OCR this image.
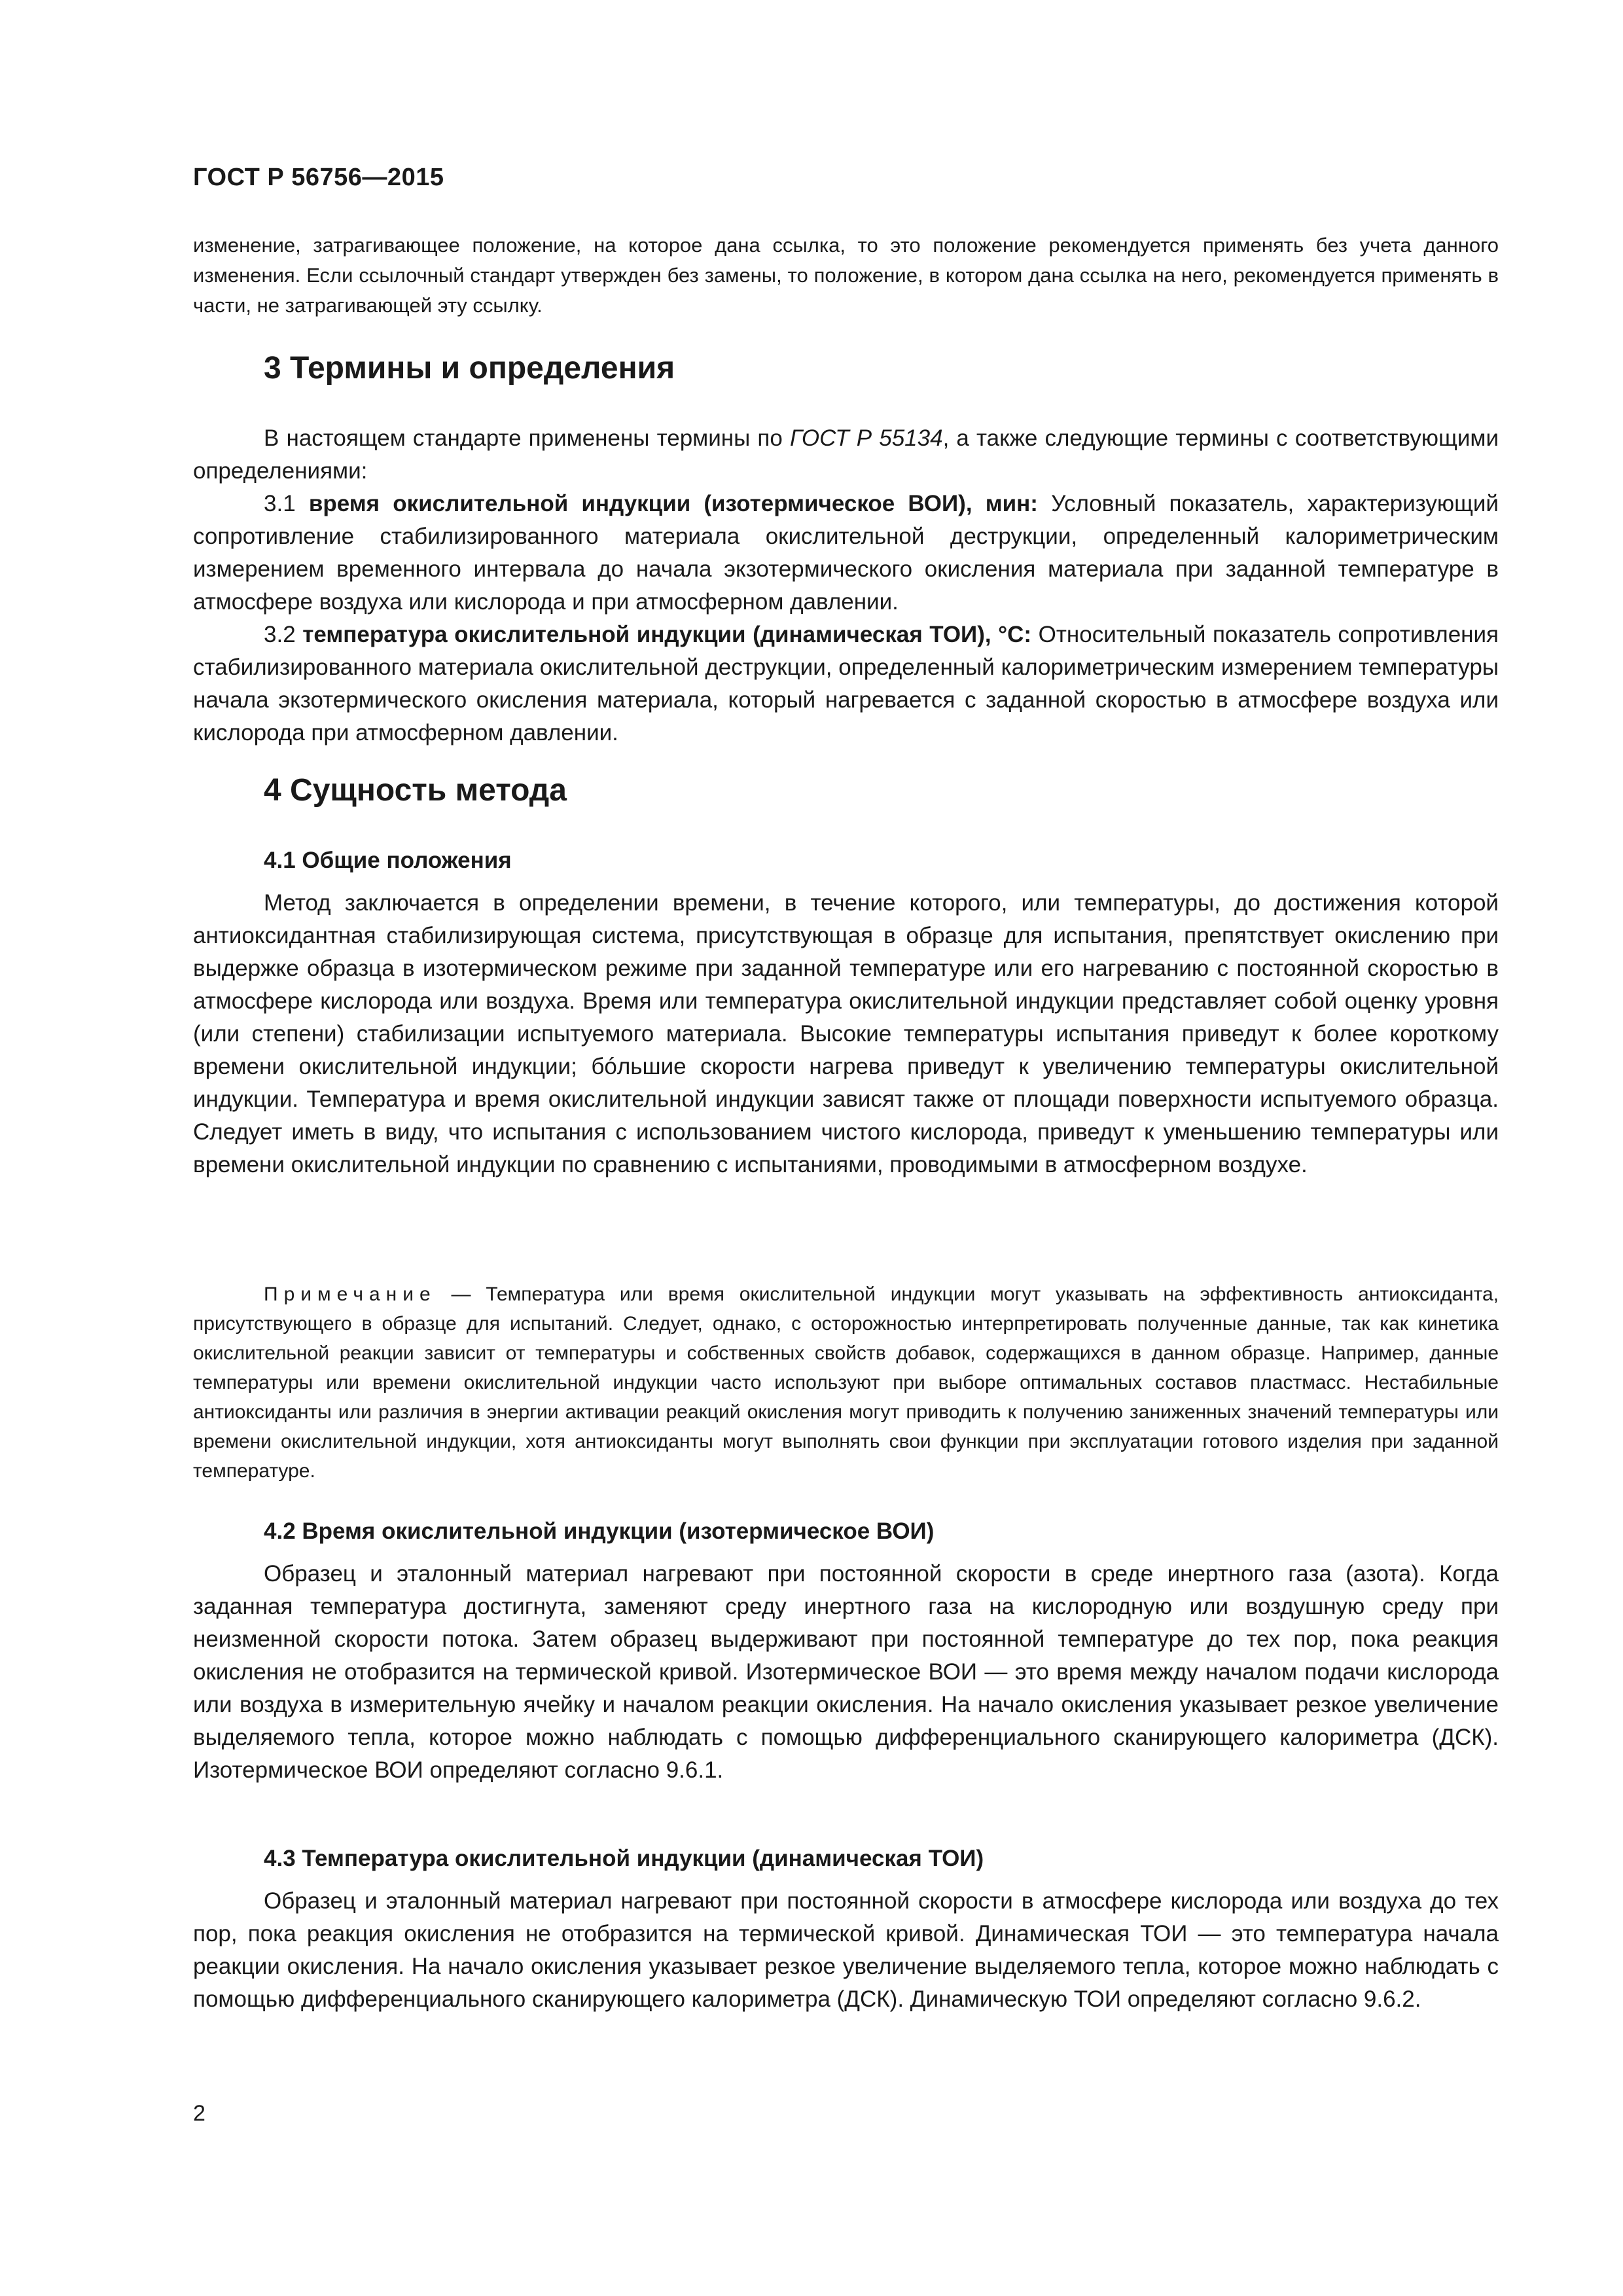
ГОСТ Р 56756—2015
изменение, затрагивающее положение, на которое дана ссылка, то это положение рекомендуется применять без учета данного изменения. Если ссылочный стандарт утвержден без замены, то положение, в котором дана ссылка на него, рекомендуется применять в части, не затрагивающей эту ссылку.
3 Термины и определения
В настоящем стандарте применены термины по ГОСТ Р 55134, а также следующие термины с соответствующими определениями:
3.1 время окислительной индукции (изотермическое ВОИ), мин: Условный показатель, характеризующий сопротивление стабилизированного материала окислительной деструкции, определенный калориметрическим измерением временного интервала до начала экзотермического окисления материала при заданной температуре в атмосфере воздуха или кислорода и при атмосферном давлении.
3.2 температура окислительной индукции (динамическая ТОИ), °С: Относительный показатель сопротивления стабилизированного материала окислительной деструкции, определенный калориметрическим измерением температуры начала экзотермического окисления материала, который нагревается с заданной скоростью в атмосфере воздуха или кислорода при атмосферном давлении.
4 Сущность метода
4.1 Общие положения
Метод заключается в определении времени, в течение которого, или температуры, до достижения которой антиоксидантная стабилизирующая система, присутствующая в образце для испытания, препятствует окислению при выдержке образца в изотермическом режиме при заданной температуре или его нагреванию с постоянной скоростью в атмосфере кислорода или воздуха. Время или температура окислительной индукции представляет собой оценку уровня (или степени) стабилизации испытуемого материала. Высокие температуры испытания приведут к более короткому времени окислительной индукции; бóльшие скорости нагрева приведут к увеличению температуры окислительной индукции. Температура и время окислительной индукции зависят также от площади поверхности испытуемого образца. Следует иметь в виду, что испытания с использованием чистого кислорода, приведут к уменьшению температуры или времени окислительной индукции по сравнению с испытаниями, проводимыми в атмосферном воздухе.
Примечание — Температура или время окислительной индукции могут указывать на эффективность антиоксиданта, присутствующего в образце для испытаний. Следует, однако, с осторожностью интерпретировать полученные данные, так как кинетика окислительной реакции зависит от температуры и собственных свойств добавок, содержащихся в данном образце. Например, данные температуры или времени окислительной индукции часто используют при выборе оптимальных составов пластмасс. Нестабильные антиоксиданты или различия в энергии активации реакций окисления могут приводить к получению заниженных значений температуры или времени окислительной индукции, хотя антиоксиданты могут выполнять свои функции при эксплуатации готового изделия при заданной температуре.
4.2 Время окислительной индукции (изотермическое ВОИ)
Образец и эталонный материал нагревают при постоянной скорости в среде инертного газа (азота). Когда заданная температура достигнута, заменяют среду инертного газа на кислородную или воздушную среду при неизменной скорости потока. Затем образец выдерживают при постоянной температуре до тех пор, пока реакция окисления не отобразится на термической кривой. Изотермическое ВОИ — это время между началом подачи кислорода или воздуха в измерительную ячейку и началом реакции окисления. На начало окисления указывает резкое увеличение выделяемого тепла, которое можно наблюдать с помощью дифференциального сканирующего калориметра (ДСК). Изотермическое ВОИ определяют согласно 9.6.1.
4.3 Температура окислительной индукции (динамическая ТОИ)
Образец и эталонный материал нагревают при постоянной скорости в атмосфере кислорода или воздуха до тех пор, пока реакция окисления не отобразится на термической кривой. Динамическая ТОИ — это температура начала реакции окисления. На начало окисления указывает резкое увеличение выделяемого тепла, которое можно наблюдать с помощью дифференциального сканирующего калориметра (ДСК). Динамическую ТОИ определяют согласно 9.6.2.
2
